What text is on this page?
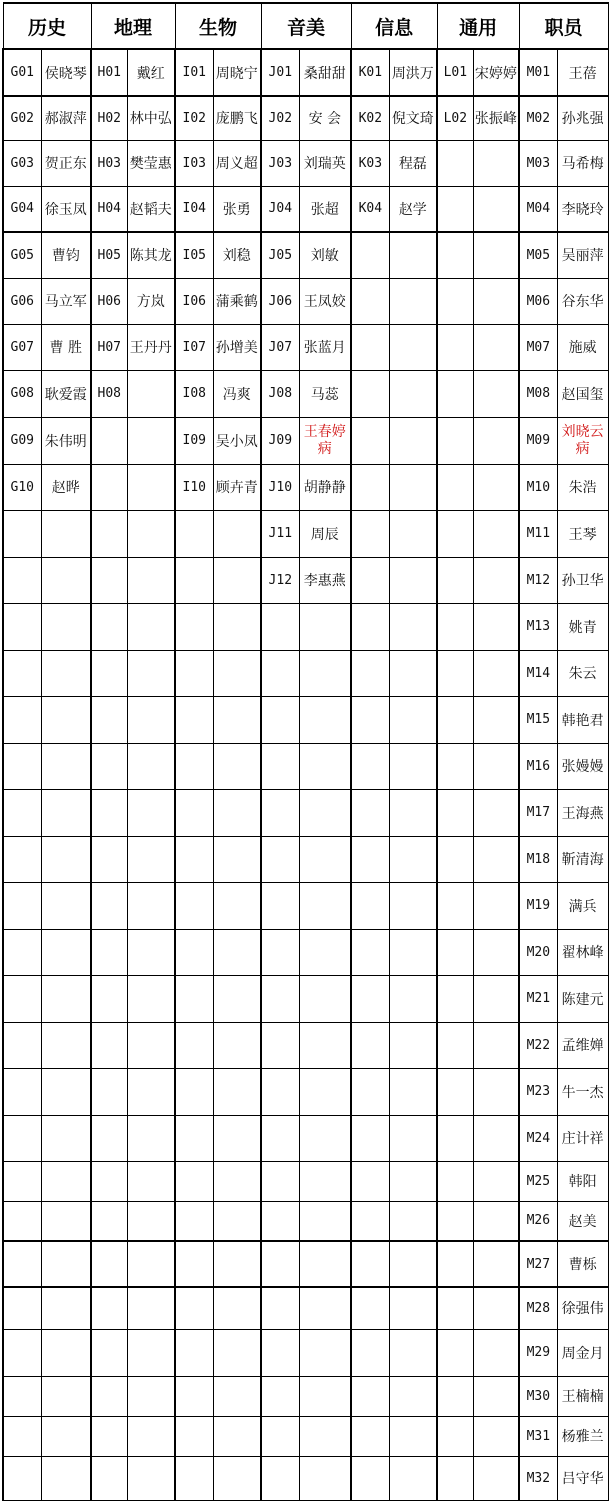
历史		地理		生物		音美		信息		通用		职员	
G01	侯晓琴	H01	戴红	I01	周晓宁	J01	桑甜甜	K01	周洪万	L01	宋婷婷	M01	王蓓
G02	郝淑萍	H02	林中弘	I02	庞鹏飞	J02	安 会	K02	倪文琦	L02	张振峰	M02	孙兆强
G03	贺正东	H03	樊莹惠	I03	周义超	J03	刘瑞英	K03	程磊			M03	马希梅
G04	徐玉凤	H04	赵韬夫	I04	张勇	J04	张超	K04	赵学			M04	李晓玲
G05	曹钧	H05	陈其龙	I05	刘稳	J05	刘敏					M05	吴丽萍
G06	马立军	H06	方岚	I06	蒲乘鹤	J06	王凤姣					M06	谷东华
G07	曹 胜	H07	王丹丹	I07	孙增美	J07	张蓝月					M07	施威
G08	耿爱霞	H08		I08	冯爽	J08	马蕊					M08	赵国玺
G09	朱伟明			I09	吴小凤	J09	王春婷病					M09	刘晓云病
G10	赵晔			I10	顾卉青	J10	胡静静					M10	朱浩
						J11	周辰					M11	王琴
						J12	李惠燕					M12	孙卫华
												M13	姚青
												M14	朱云
												M15	韩艳君
												M16	张嫚嫚
												M17	王海燕
												M18	靳清海
												M19	满兵
												M20	翟林峰
												M21	陈建元
												M22	孟维婵
												M23	牛一杰
												M24	庄计祥
												M25	韩阳
												M26	赵美
												M27	曹栎
												M28	徐强伟
												M29	周金月
												M30	王楠楠
												M31	杨雅兰
												M32	吕守华
